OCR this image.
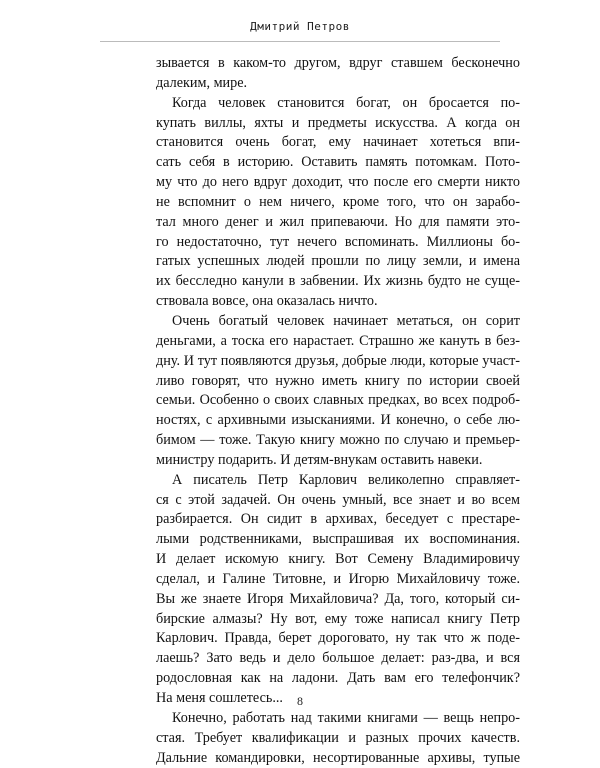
Дмитрий Петров
зывается в каком-то другом, вдруг ставшем бесконечно
далеким, мире.
Когда человек становится богат, он бросается по-
купать виллы, яхты и предметы искусства. А когда он
становится очень богат, ему начинает хотеться впи-
сать себя в историю. Оставить память потомкам. Пото-
му что до него вдруг доходит, что после его смерти никто
не вспомнит о нем ничего, кроме того, что он зарабо-
тал много денег и жил припеваючи. Но для памяти это-
го недостаточно, тут нечего вспоминать. Миллионы бо-
гатых успешных людей прошли по лицу земли, и имена
их бесследно канули в забвении. Их жизнь будто не суще-
ствовала вовсе, она оказалась ничто.
Очень богатый человек начинает метаться, он сорит
деньгами, а тоска его нарастает. Страшно же кануть в без-
дну. И тут появляются друзья, добрые люди, которые участ-
ливо говорят, что нужно иметь книгу по истории своей
семьи. Особенно о своих славных предках, во всех подроб-
ностях, с архивными изысканиями. И конечно, о себе лю-
бимом — тоже. Такую книгу можно по случаю и премьер-
министру подарить. И детям-внукам оставить навеки.
А писатель Петр Карлович великолепно справляет-
ся с этой задачей. Он очень умный, все знает и во всем
разбирается. Он сидит в архивах, беседует с престаре-
лыми родственниками, выспрашивая их воспоминания.
И делает искомую книгу. Вот Семену Владимировичу
сделал, и Галине Титовне, и Игорю Михайловичу тоже.
Вы же знаете Игоря Михайловича? Да, того, который си-
бирские алмазы? Ну вот, ему тоже написал книгу Петр
Карлович. Правда, берет дороговато, ну так что ж подe-
лаешь? Зато ведь и дело большое делает: раз-два, и вся
родословная как на ладони. Дать вам его телефончик?
На меня сошлетесь...
Конечно, работать над такими книгами — вещь непро-
стая. Требует квалификации и разных прочих качеств.
Дальние командировки, несортированные архивы, тупые
8
